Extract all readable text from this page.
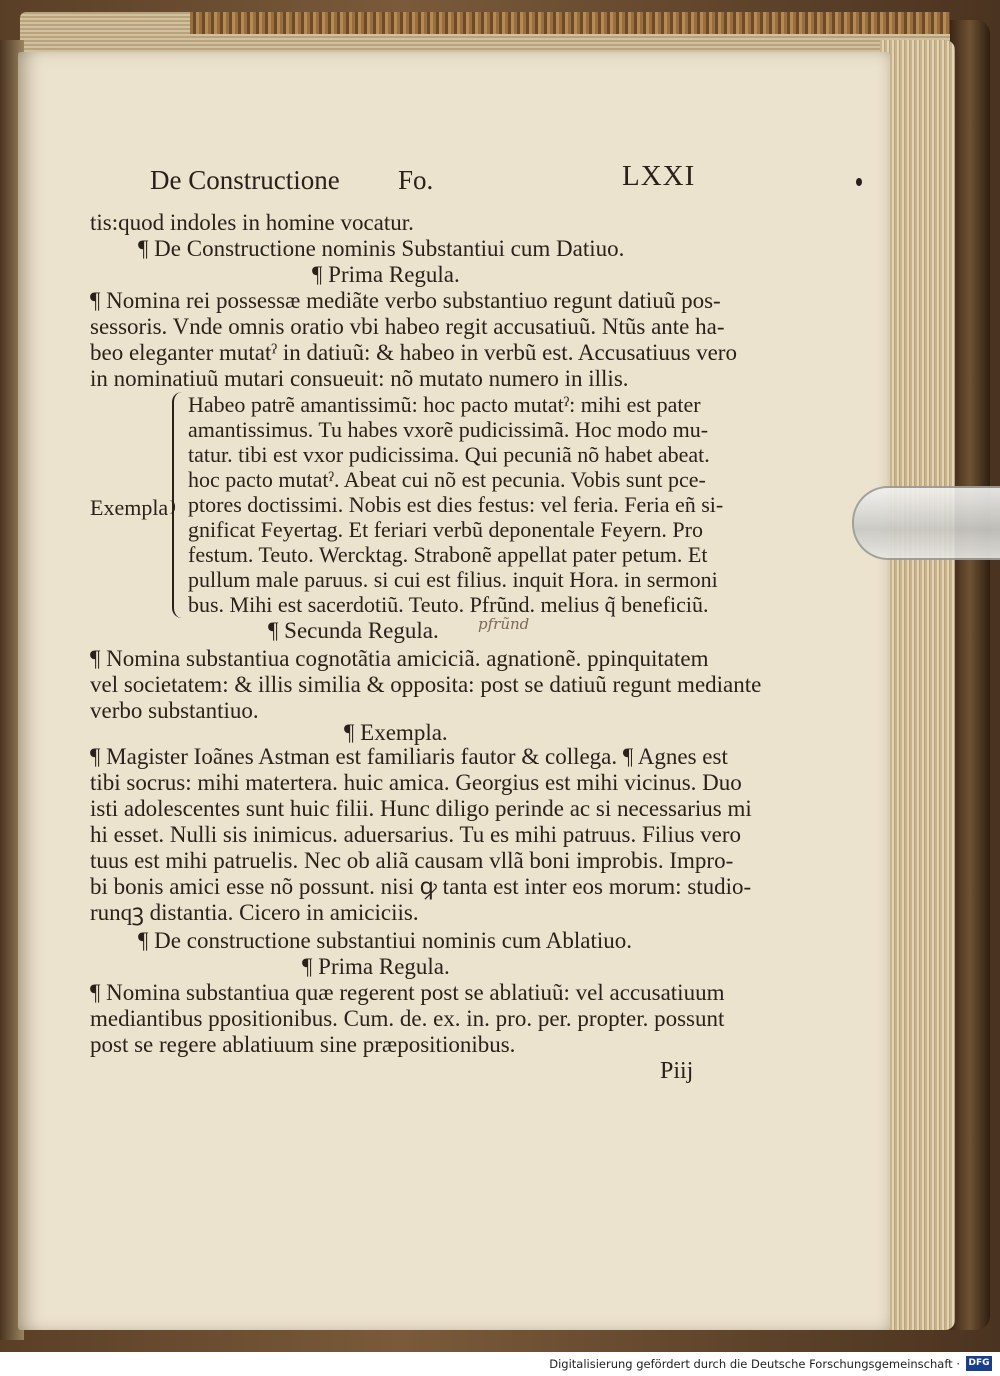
De Constructione Fo.	LXXI
tis:quod indoles in homine vocatur.
¶ De Constructione nominis Substantiui cum Datiuo.
¶ Prima Regula.
¶ Nomina rei possessæ mediãte verbo substantiuo regunt datiuũ pos-
sessoris. Vnde omnis oratio vbi habeo regit accusatiuũ. Ntũs ante ha-
beo eleganter mutatˀ in datiuũ: & habeo in verbũ est. Accusatiuus vero
in nominatiuũ mutari consueuit: nõ mutato numero in illis.
Exempla
Habeo patrẽ amantissimũ: hoc pacto mutatˀ: mihi est pater
amantissimus. Tu habes vxorẽ pudicissimã. Hoc modo mu-
tatur. tibi est vxor pudicissima. Qui pecuniã nõ habet abeat.
hoc pacto mutatˀ. Abeat cui nõ est pecunia. Vobis sunt pce-
ptores doctissimi. Nobis est dies festus: vel feria. Feria eñ si-
gnificat Feyertag. Et feriari verbũ deponentale Feyern. Pro
festum. Teuto. Wercktag. Strabonẽ appellat pater petum. Et
pullum male paruus. si cui est filius. inquit Hora. in sermoni
bus. Mihi est sacerdotiũ. Teuto. Pfrũnd. melius q̃ beneficiũ.
¶ Secunda Regula.	pfrũnd
¶ Nomina substantiua cognotãtia amiciciã. agnationẽ. ppinquitatem
vel societatem: & illis similia & opposita: post se datiuũ regunt mediante
verbo substantiuo.
¶ Exempla.
¶ Magister Ioãnes Astman est familiaris fautor & collega. ¶ Agnes est
tibi socrus: mihi matertera. huic amica. Georgius est mihi vicinus. Duo
isti adolescentes sunt huic filii. Hunc diligo perinde ac si necessarius mi
hi esset. Nulli sis inimicus. aduersarius. Tu es mihi patruus. Filius vero
tuus est mihi patruelis. Nec ob aliã causam vllã boni improbis. Impro-
bi bonis amici esse nõ possunt. nisi ꝙ tanta est inter eos morum: studio-
runqꝫ distantia. Cicero in amiciciis.
¶ De constructione substantiui nominis cum Ablatiuo.
¶ Prima Regula.
¶ Nomina substantiua quæ regerent post se ablatiuũ: vel accusatiuum
mediantibus ppositionibus. Cum. de. ex. in. pro. per. propter. possunt
post se regere ablatiuum sine præpositionibus.
Piij
Digitalisierung gefördert durch die Deutsche Forschungsgemeinschaft · DFG
